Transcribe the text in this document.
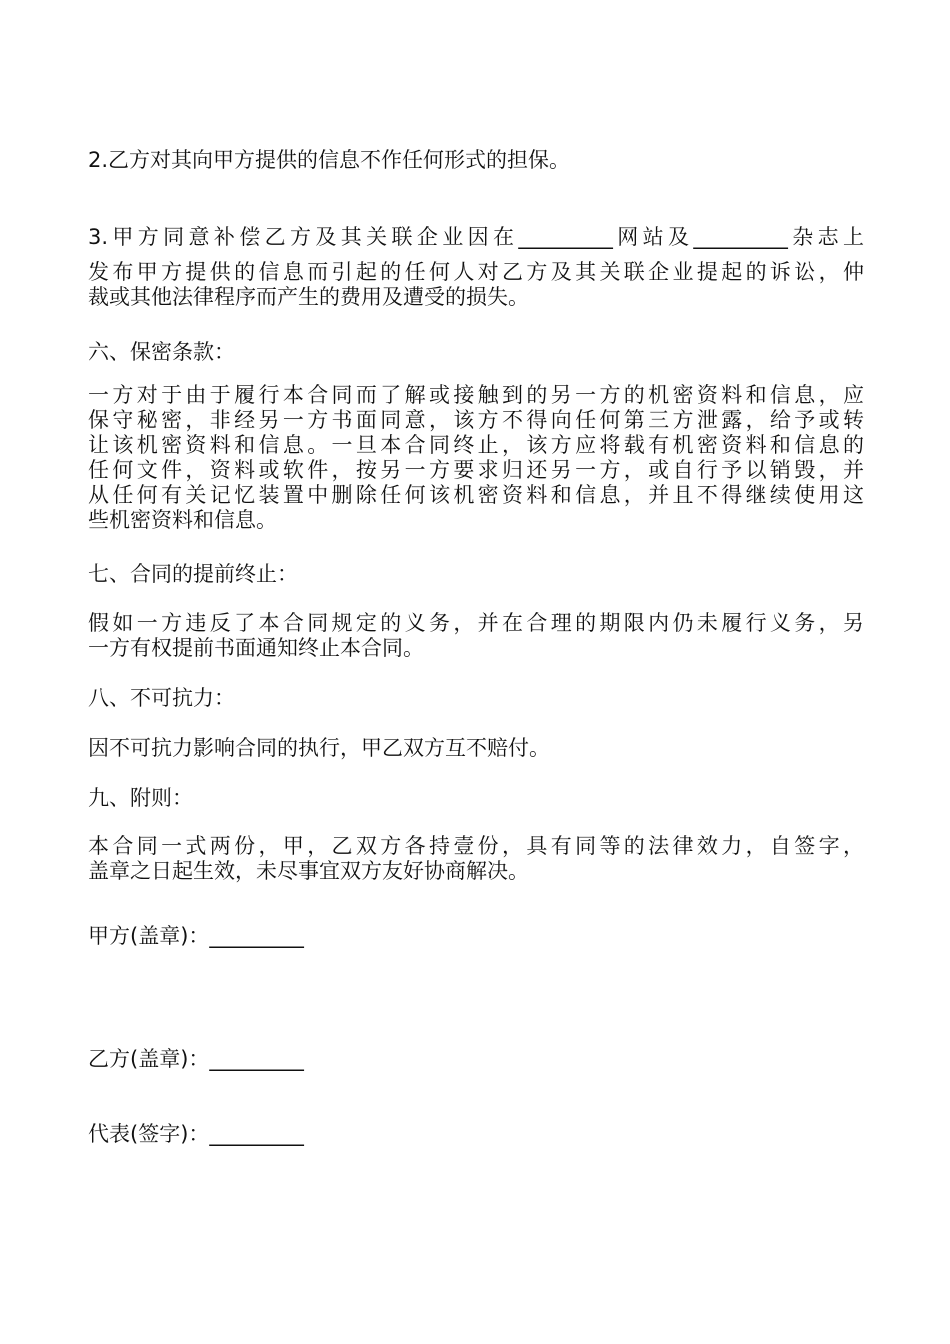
2.乙方对其向甲方提供的信息不作任何形式的担保。

3.甲方同意补偿乙方及其关联企业因在_________网站及_________杂志上
发布甲方提供的信息而引起的任何人对乙方及其关联企业提起的诉讼，仲
裁或其他法律程序而产生的费用及遭受的损失。

六、保密条款：

一方对于由于履行本合同而了解或接触到的另一方的机密资料和信息，应
保守秘密，非经另一方书面同意，该方不得向任何第三方泄露，给予或转
让该机密资料和信息。一旦本合同终止，该方应将载有机密资料和信息的
任何文件，资料或软件，按另一方要求归还另一方，或自行予以销毁，并
从任何有关记忆装置中删除任何该机密资料和信息，并且不得继续使用这
些机密资料和信息。

七、合同的提前终止：

假如一方违反了本合同规定的义务，并在合理的期限内仍未履行义务，另
一方有权提前书面通知终止本合同。

八、不可抗力：

因不可抗力影响合同的执行，甲乙双方互不赔付。

九、附则：

本合同一式两份，甲，乙双方各持壹份，具有同等的法律效力，自签字，
盖章之日起生效，未尽事宜双方友好协商解决。

甲方(盖章)：_________

乙方(盖章)：_________

代表(签字)：_________
